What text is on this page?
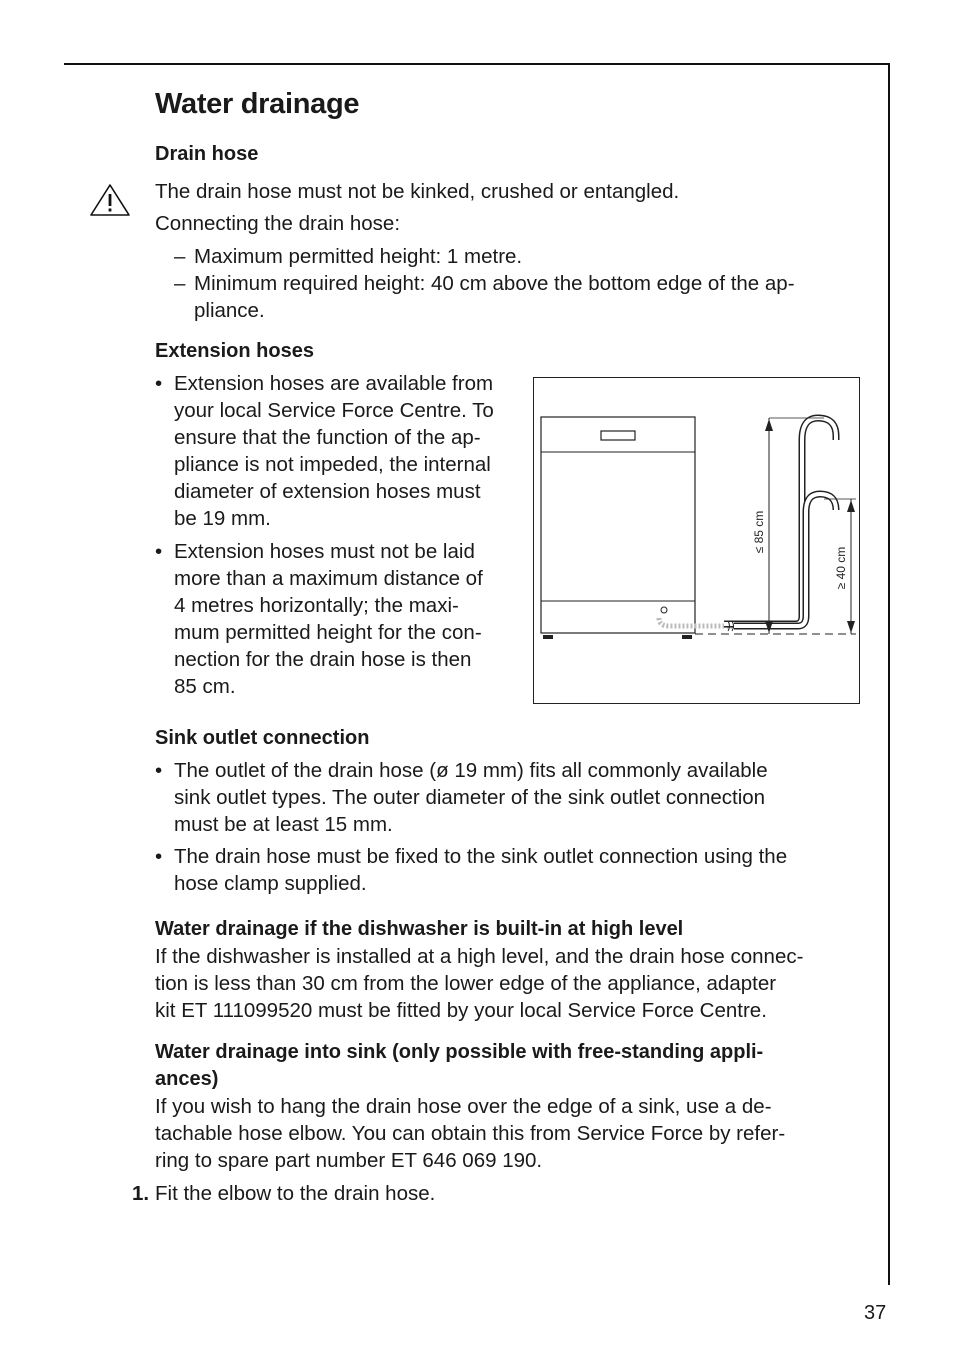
Water drainage
Drain hose

The drain hose must not be kinked, crushed or entangled.

Connecting the drain hose:

– Maximum permitted height: 1 metre.

– Minimum required height: 40 cm above the bottom edge of the ap-

pliance.

Extension hoses
• Extension hoses are available from

your local Service Force Centre. To

ensure that the function of the ap-

pliance is not impeded, the internal

diameter of extension hoses must

be 19 mm.

• Extension hoses must not be laid

more than a maximum distance of

4 metres horizontally; the maxi-

mum permitted height for the con-

nection for the drain hose is then

85 cm.

≤ 85 cm
≥ 40 cm
Sink outlet connection
• The outlet of the drain hose (ø 19 mm) fits all commonly available

sink outlet types. The outer diameter of the sink outlet connection

must be at least 15 mm.

• The drain hose must be fixed to the sink outlet connection using the

hose clamp supplied.

Water drainage if the dishwasher is built-in at high level

If the dishwasher is installed at a high level, and the drain hose connec-

tion is less than 30 cm from the lower edge of the appliance, adapter

kit ET 111099520 must be fitted by your local Service Force Centre.

Water drainage into sink (only possible with free-standing appli-
ances)

If you wish to hang the drain hose over the edge of a sink, use a de-

tachable hose elbow. You can obtain this from Service Force by refer-

ring to spare part number ET 646 069 190.

1. Fit the elbow to the drain hose.

37
